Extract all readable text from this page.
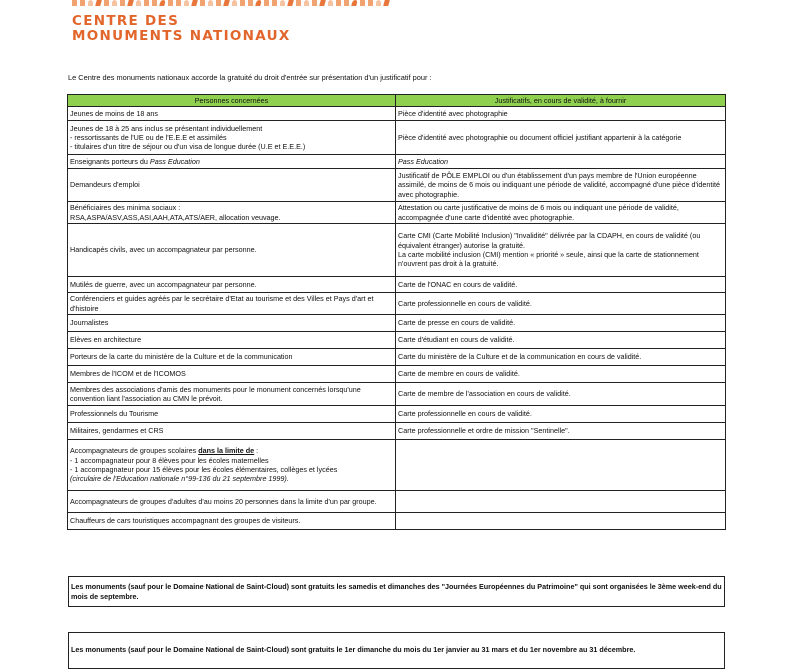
CENTRE DES
MONUMENTS NATIONAUX
Le Centre des monuments nationaux accorde la gratuité du droit d'entrée sur présentation d'un justificatif pour :
Personnes concernées	Justificatifs, en cours de validité, à fournir
Jeunes de moins de 18 ans	Pièce d'identité avec photographie
Jeunes de 18 à 25 ans inclus se présentant individuellement
- ressortissants de l'UE ou de l'E.E.E et assimilés
- titulaires d'un titre de séjour ou d'un visa de longue durée (U.E et E.E.E.)	Pièce d'identité avec photographie ou document officiel justifiant appartenir à la catégorie
Enseignants porteurs du Pass Education	Pass Education
Demandeurs d'emploi	Justificatif de PÔLE EMPLOI ou d'un établissement d'un pays membre de l'Union européenne assimilé, de moins de 6 mois ou indiquant une période de validité, accompagné d'une pièce d'identité avec photographie.
Bénéficiaires des minima sociaux :
RSA,ASPA/ASV,ASS,ASI,AAH,ATA,ATS/AER, allocation veuvage.	Attestation ou carte justificative de moins de 6 mois ou indiquant une période de validité, accompagnée d'une carte d'identité avec photographie.
Handicapés civils, avec un accompagnateur par personne.	Carte CMI (Carte Mobilité Inclusion) "Invalidité" délivrée par la CDAPH, en cours de validité (ou équivalent étranger) autorise la gratuité.
La carte mobilité inclusion (CMI) mention « priorité » seule, ainsi que la carte de stationnement n'ouvrent pas droit à la gratuité.
Mutilés de guerre, avec un accompagnateur par personne.	Carte de l'ONAC en cours de validité.
Conférenciers et guides agréés par le secrétaire d'Etat au tourisme et des Villes et Pays d'art et d'histoire	Carte professionnelle en cours de validité.
Journalistes	Carte de presse en cours de validité.
Elèves en architecture	Carte d'étudiant en cours de validité.
Porteurs de la carte du ministère de la Culture et de la communication	Carte du ministère de la Culture et de la communication en cours de validité.
Membres de l'ICOM et de l'ICOMOS	Carte de membre en cours de validité.
Membres des associations d'amis des monuments pour le monument concernés lorsqu'une convention liant l'association au CMN le prévoit.	Carte de membre de l'association en cours de validité.
Professionnels du Tourisme	Carte professionnelle en cours de validité.
Militaires, gendarmes et CRS	Carte professionnelle et ordre de mission "Sentinelle".

Accompagnateurs de groupes scolaires dans la limite de :
- 1 accompagnateur pour 8 élèves pour les écoles maternelles
- 1 accompagnateur pour 15 élèves pour les écoles élémentaires, collèges et lycées
(circulaire de l'Education nationale n°99-136 du 21 septembre 1999).	

Accompagnateurs de groupes d'adultes d'au moins 20 personnes dans la limite d'un par groupe.	
Chauffeurs de cars touristiques accompagnant des groupes de visiteurs.	
Les monuments (sauf pour le Domaine National de Saint-Cloud) sont gratuits les samedis et dimanches des "Journées Européennes du Patrimoine" qui sont organisées le 3ème week-end du mois de septembre.
Les monuments (sauf pour le Domaine National de Saint-Cloud) sont gratuits le 1er dimanche du mois du 1er janvier au 31 mars et du 1er novembre au 31 décembre.
